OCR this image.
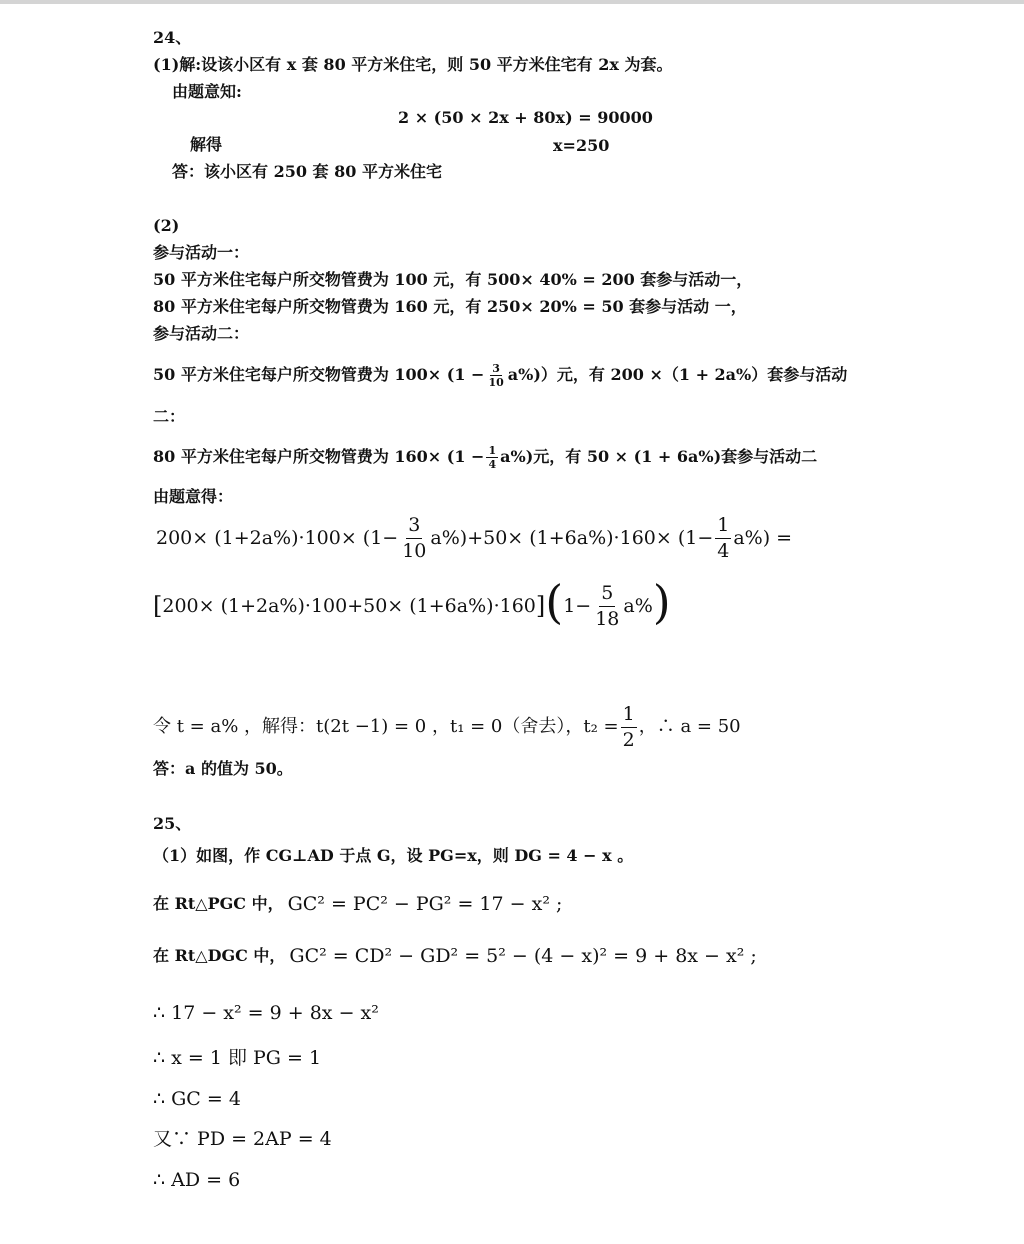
24、
(1)解:设该小区有 x 套 80 平方米住宅，则 50 平方米住宅有 2x 为套。
由题意知:
2 × (50 × 2x + 80x) = 90000
解得	x=250
答：该小区有 250 套 80 平方米住宅
(2)
参与活动一：
50 平方米住宅每户所交物管费为 100 元，有 500× 40% = 200 套参与活动一，
80 平方米住宅每户所交物管费为 160 元，有 250× 20% = 50 套参与活动 一，
参与活动二：
50 平方米住宅每户所交物管费为 $100\times (1 - \frac{3}{10} a\%)$）元，有 200 ×（1 + 2a%）套参与活动
二：
80 平方米住宅每户所交物管费为 $160\times (1 - \frac{1}{4} a\%)$元，有 50 × (1 + 6a%)套参与活动二
由题意得：
$200\times (1+2a\%)\cdot 100\times (1- \frac{3}{10} a\%)+50\times (1+6a\%)\cdot 160\times (1- \frac{1}{4} a\%)$ =
[ 200× (1+2a%)·100+50× (1+6a%)·160 ] ( $1- \frac{5}{18} a\%$ )
令 t = a% ，解得：t(2t −1) = 0 ，t₁ = 0（舍去），$t_2 = \frac{1}{2}$ ，∴ a = 50
答：a 的值为 50。
25、
（1）如图，作 CG⊥AD 于点 G，设 PG=x，则 DG = 4 − x 。
在 Rt△PGC 中， GC² = PC² − PG² = 17 − x² ;
在 Rt△DGC 中， GC² = CD² − GD² = 5² − (4 − x)² = 9 + 8x − x² ;
∴ 17 − x² = 9 + 8x − x²
∴ x = 1 即 PG = 1
∴ GC = 4
又∵ PD = 2AP = 4
∴ AD = 6
